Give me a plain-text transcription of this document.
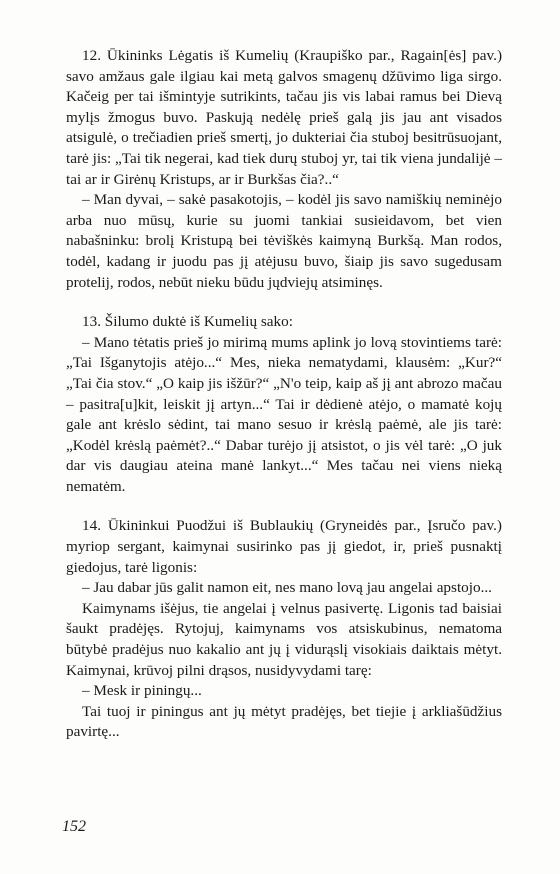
12. Ūkininks Lėgatis iš Kumelių (Kraupiško par., Ragain[ės] pav.) savo amžaus gale ilgiau kai metą galvos smagenų džūvimo liga sirgo. Kačeig per tai išmintyje sutrikints, tačau jis vis labai ramus bei Dievą mylįs žmogus buvo. Paskują nedėlę prieš galą jis jau ant visados atsigulė, o trečiadien prieš smertį, jo dukteriai čia stuboj besitrūsuojant, tarė jis: „Tai tik negerai, kad tiek durų stuboj yr, tai tik viena jundalijė – tai ar ir Girėnų Kristups, ar ir Burkšas čia?..“

– Man dyvai, – sakė pasakotojis, – kodėl jis savo namiškių neminėjo arba nuo mūsų, kurie su juomi tankiai susieidavom, bet vien nabašninku: brolį Kristupą bei tėviškės kaimyną Burkšą. Man rodos, todėl, kadang ir juodu pas jį atėjusu buvo, šiaip jis savo sugedusam protelij, rodos, nebūt nieku būdu jųdviejų atsiminęs.

13. Šilumo duktė iš Kumelių sako:

– Mano tėtatis prieš jo mirimą mums aplink jo lovą stovintiems tarė: „Tai Išganytojis atėjo...“ Mes, nieka nematydami, klausėm: „Kur?“ „Tai čia stov.“ „O kaip jis išžūr?“ „N'o teip, kaip aš jį ant abrozo mačau – pasitra[u]kit, leiskit jį artyn...“ Tai ir dėdienė atėjo, o mamatė kojų gale ant krėslo sėdint, tai mano sesuo ir krėslą paėmė, ale jis tarė: „Kodėl krėslą paėmėt?..“ Dabar turėjo jį atsistot, o jis vėl tarė: „O juk dar vis daugiau ateina manė lankyt...“ Mes tačau nei viens nieką nematėm.

14. Ūkininkui Puodžui iš Bublaukių (Gryneidės par., Įsručo pav.) myriop sergant, kaimynai susirinko pas jį giedot, ir, prieš pusnaktį giedojus, tarė ligonis:

– Jau dabar jūs galit namon eit, nes mano lovą jau angelai apstojo...

Kaimynams išėjus, tie angelai į velnus pasivertę. Ligonis tad baisiai šaukt pradėjęs. Rytojuj, kaimynams vos atsiskubinus, nematoma būtybė pradėjus nuo kakalio ant jų į vidurąslį visokiais daiktais mėtyt. Kaimynai, krūvoj pilni drąsos, nusidyvydami tarę:

– Mesk ir piningų...

Tai tuoj ir piningus ant jų mėtyt pradėjęs, bet tiejie į arkliašūdžius pavirtę...

152
